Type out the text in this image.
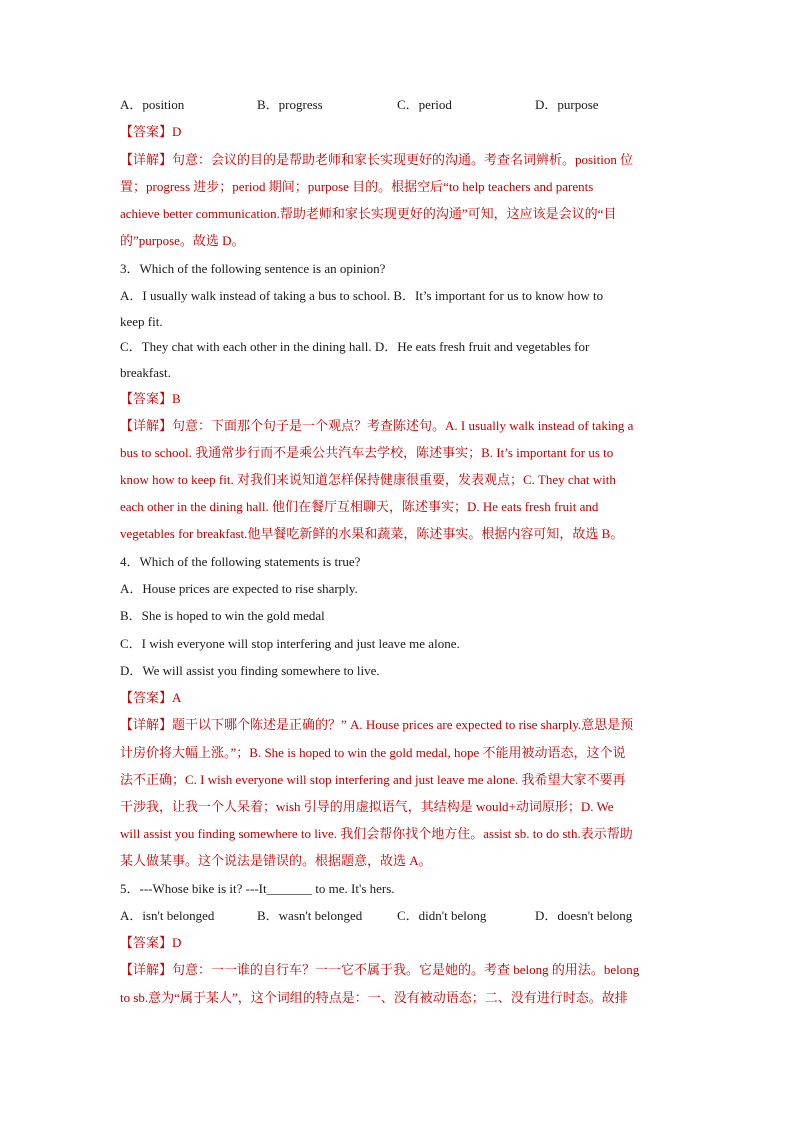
A．position	B．progress	C．period	D．purpose
【答案】D
【详解】句意：会议的目的是帮助老师和家长实现更好的沟通。考查名词辨析。position 位
置；progress 进步；period 期间；purpose 目的。根据空后“to help teachers and parents
achieve better communication.帮助老师和家长实现更好的沟通”可知，这应该是会议的“目
的”purpose。故选 D。
3．Which of the following sentence is an opinion?
A．I usually walk instead of taking a bus to school. B．It’s important for us to know how to
keep fit.
C．They chat with each other in the dining hall. D．He eats fresh fruit and vegetables for
breakfast.
【答案】B
【详解】句意：下面那个句子是一个观点？考查陈述句。A. I usually walk instead of taking a
bus to school. 我通常步行而不是乘公共汽车去学校，陈述事实；B. It’s important for us to
know how to keep fit. 对我们来说知道怎样保持健康很重要，发表观点；C. They chat with
each other in the dining hall. 他们在餐厅互相聊天，陈述事实；D. He eats fresh fruit and
vegetables for breakfast.他早餐吃新鲜的水果和蔬菜，陈述事实。根据内容可知，故选 B。
4．Which of the following statements is true?
A．House prices are expected to rise sharply.
B．She is hoped to win the gold medal
C．I wish everyone will stop interfering and just leave me alone.
D．We will assist you finding somewhere to live.
【答案】A
【详解】题干以下哪个陈述是正确的？” A. House prices are expected to rise sharply.意思是预
计房价将大幅上涨。”；B. She is hoped to win the gold medal, hope 不能用被动语态，这个说
法不正确；C. I wish everyone will stop interfering and just leave me alone. 我希望大家不要再
干涉我，让我一个人呆着；wish 引导的用虚拟语气，其结构是 would+动词原形；D. We
will assist you finding somewhere to live. 我们会帮你找个地方住。assist sb. to do sth.表示帮助
某人做某事。这个说法是错误的。根据题意，故选 A。
5．---Whose bike is it? ---It_______ to me. It's hers.
A．isn't belonged	B．wasn't belonged	C．didn't belong	D．doesn't belong
【答案】D
【详解】句意：一一谁的自行车？一一它不属于我。它是她的。考查 belong 的用法。belong
to sb.意为“属于某人”，这个词组的特点是：一、没有被动语态；二、没有进行时态。故排
